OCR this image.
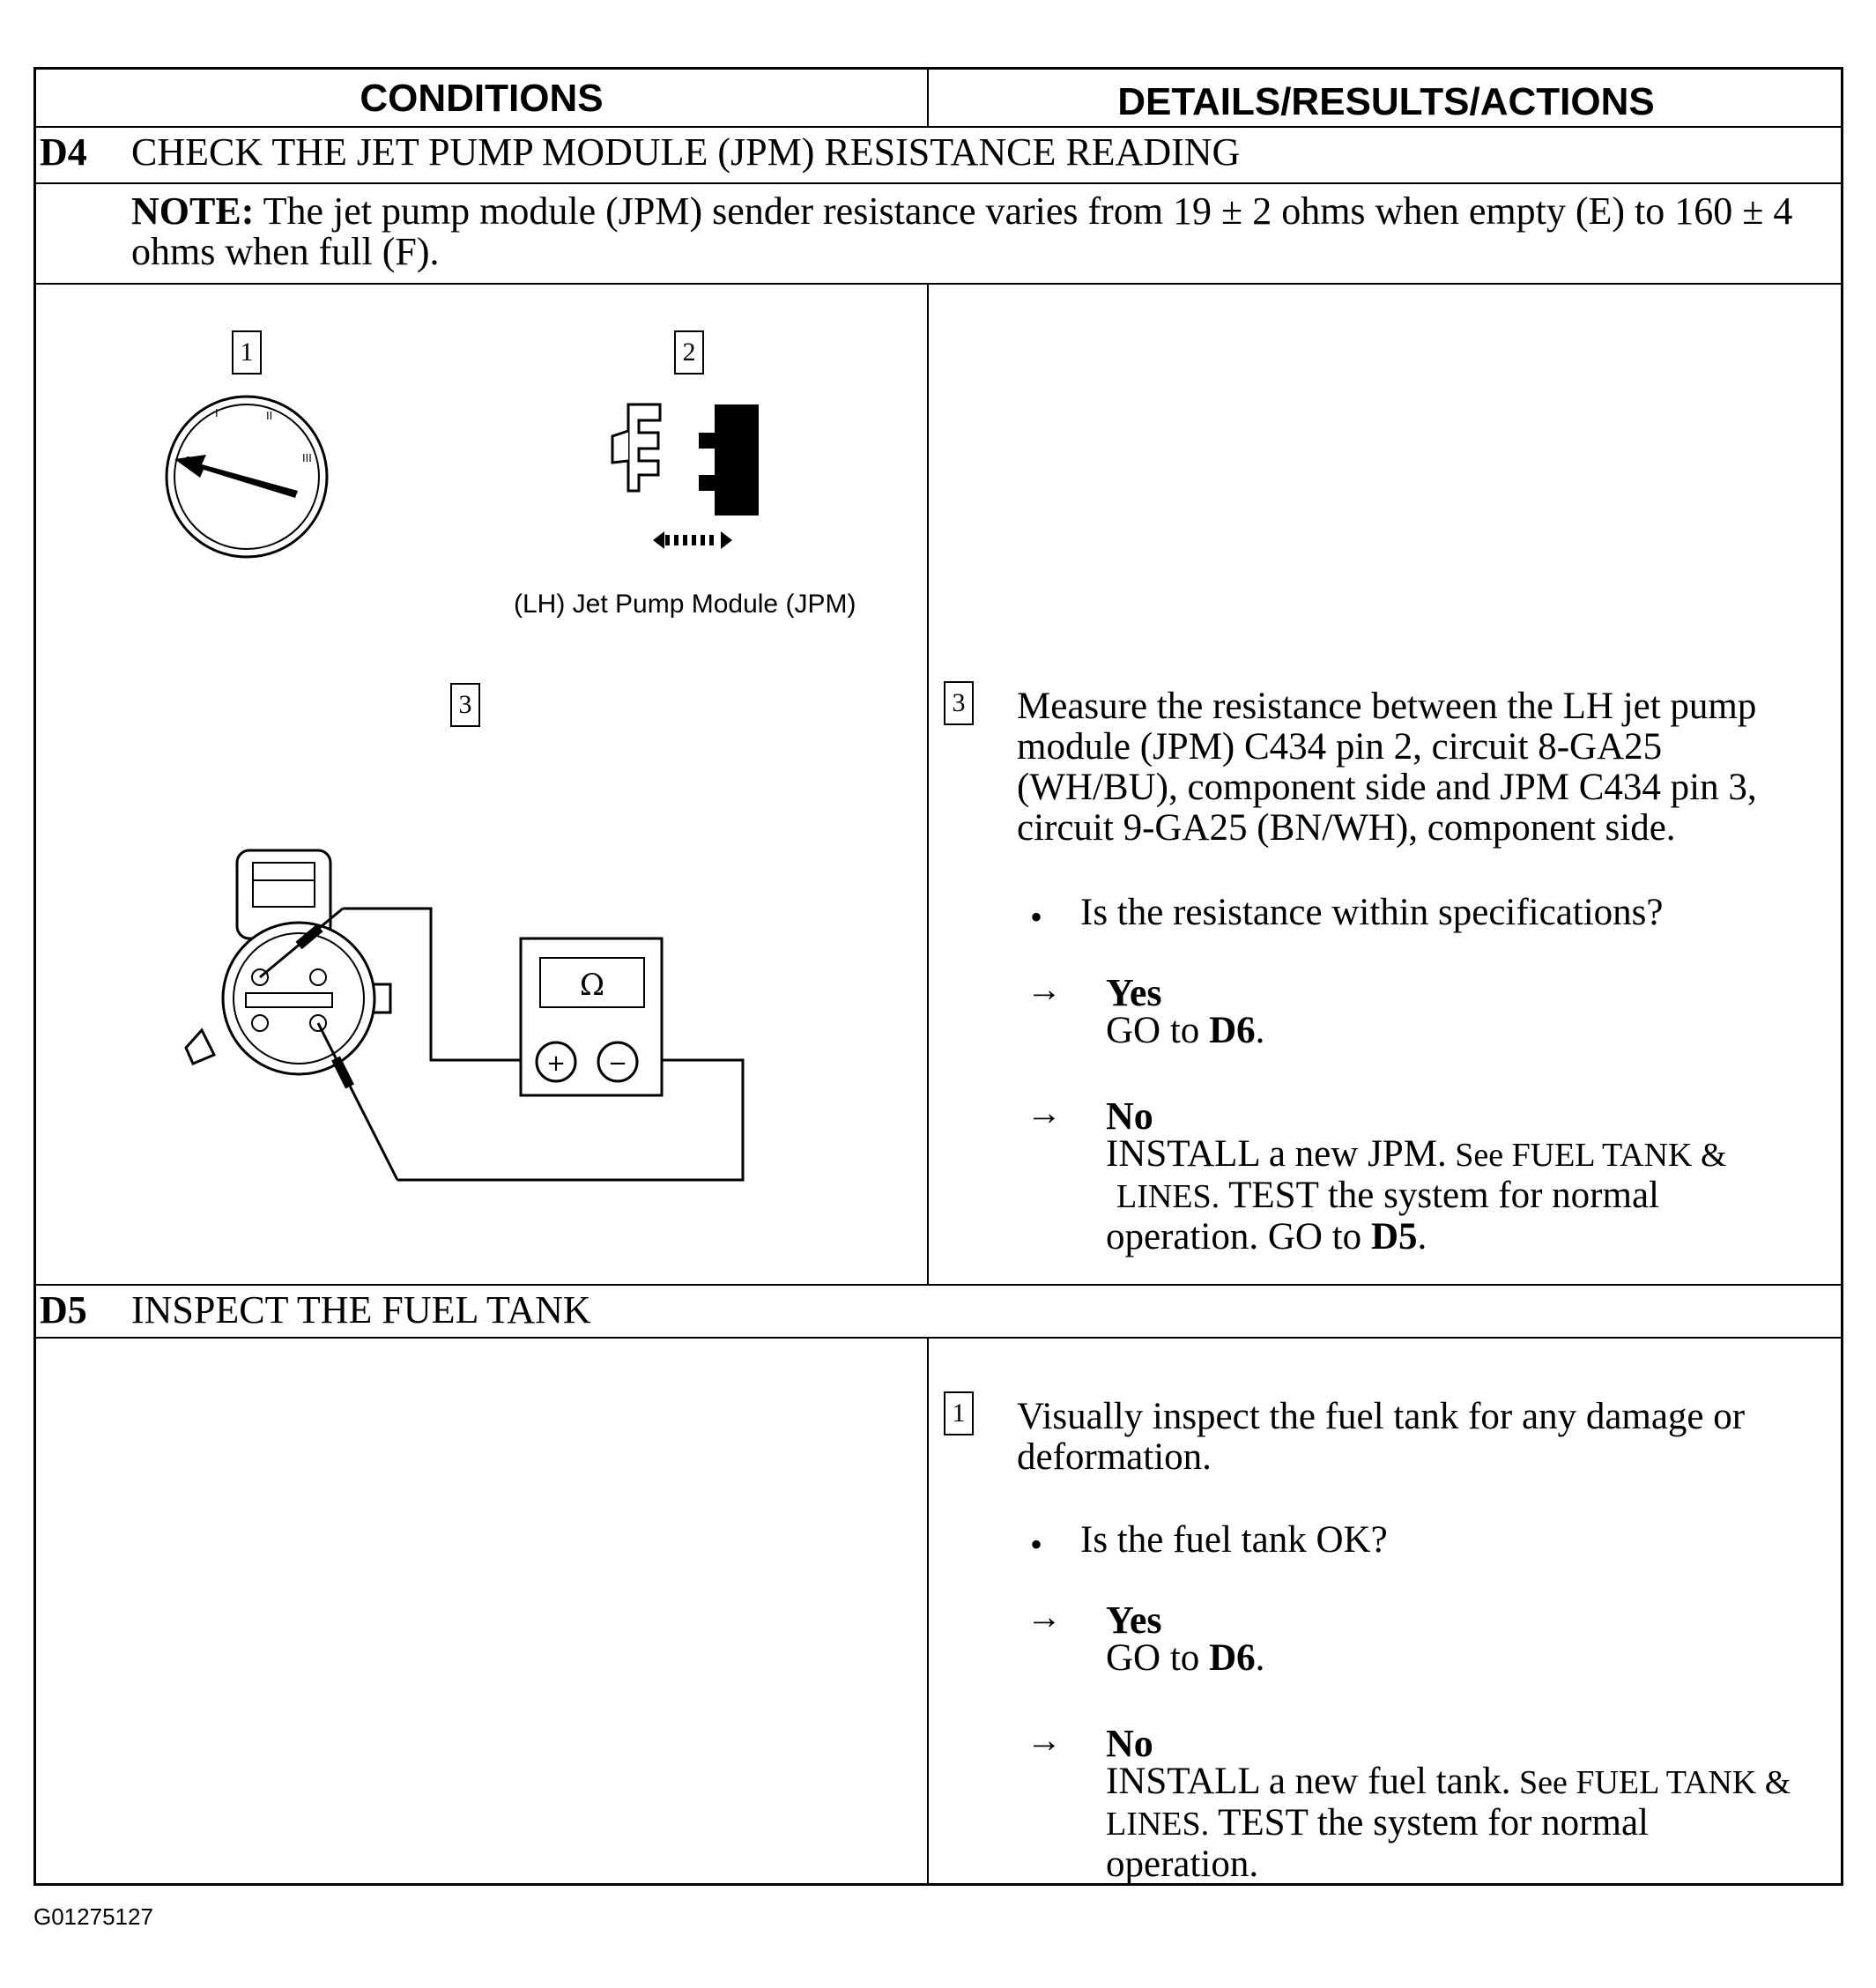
CONDITIONS	DETAILS/RESULTS/ACTIONS
D4 CHECK THE JET PUMP MODULE (JPM) RESISTANCE READING
NOTE: The jet pump module (JPM) sender resistance varies from 19 ± 2 ohms when empty (E) to 160 ± 4 ohms when full (F).
1
0
I	II
III
2
(LH) Jet Pump Module (JPM)
3
Ω
+ −
3 Measure the resistance between the LH jet pump module (JPM) C434 pin 2, circuit 8-GA25 (WH/BU), component side and JPM C434 pin 3, circuit 9-GA25 (BN/WH), component side.
• Is the resistance within specifications?
→ Yes
GO to D6.
→ No
INSTALL a new JPM. See FUEL TANK &
LINES. TEST the system for normal
operation. GO to D5.
D5 INSPECT THE FUEL TANK
1 Visually inspect the fuel tank for any damage or deformation.
• Is the fuel tank OK?
→ Yes
GO to D6.
→ No
INSTALL a new fuel tank. See FUEL TANK &
LINES. TEST the system for normal
operation.
G01275127
